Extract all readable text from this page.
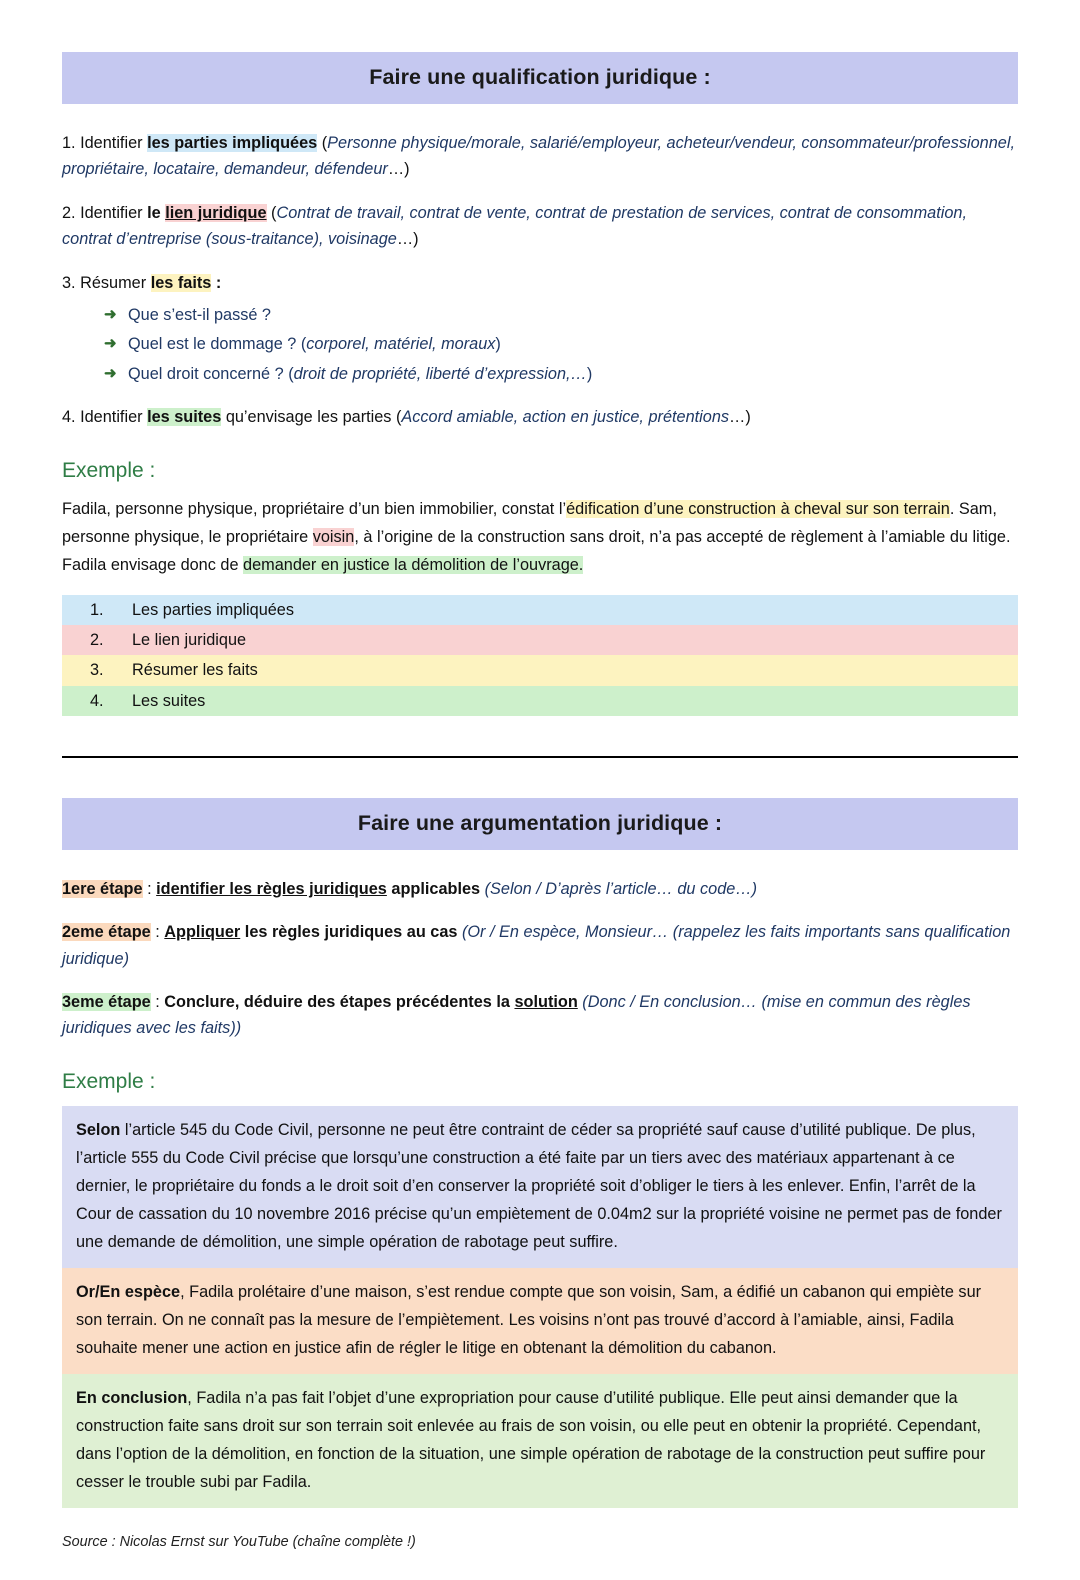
Faire une qualification juridique :

1. Identifier les parties impliquées (Personne physique/morale, salarié/employeur, acheteur/vendeur, consommateur/professionnel, propriétaire, locataire, demandeur, défendeur…)

2. Identifier le lien juridique (Contrat de travail, contrat de vente, contrat de prestation de services, contrat de consommation, contrat d’entreprise (sous-traitance), voisinage…)

3. Résumer les faits :

➜ Que s’est-il passé ?
➜ Quel est le dommage ? (corporel, matériel, moraux)
➜ Quel droit concerné ? (droit de propriété, liberté d’expression,…)

4. Identifier les suites qu’envisage les parties (Accord amiable, action en justice, prétentions…)

Exemple :

Fadila, personne physique, propriétaire d’un bien immobilier, constat l’édification d’une construction à cheval sur son terrain. Sam, personne physique, le propriétaire voisin, à l’origine de la construction sans droit, n’a pas accepté de règlement à l’amiable du litige. Fadila envisage donc de demander en justice la démolition de l’ouvrage.

1. Les parties impliquées
2. Le lien juridique
3. Résumer les faits
4. Les suites
Faire une argumentation juridique :

1ere étape : identifier les règles juridiques applicables (Selon / D’après l’article… du code…)

2eme étape : Appliquer les règles juridiques au cas (Or / En espèce, Monsieur… (rappelez les faits importants sans qualification juridique)

3eme étape : Conclure, déduire des étapes précédentes la solution (Donc / En conclusion… (mise en commun des règles juridiques avec les faits))

Exemple :
Selon l’article 545 du Code Civil, personne ne peut être contraint de céder sa propriété sauf cause d’utilité publique. De plus, l’article 555 du Code Civil précise que lorsqu’une construction a été faite par un tiers avec des matériaux appartenant à ce dernier, le propriétaire du fonds a le droit soit d’en conserver la propriété soit d’obliger le tiers à les enlever. Enfin, l’arrêt de la Cour de cassation du 10 novembre 2016 précise qu’un empiètement de 0.04m2 sur la propriété voisine ne permet pas de fonder une demande de démolition, une simple opération de rabotage peut suffire.
Or/En espèce, Fadila prolétaire d’une maison, s’est rendue compte que son voisin, Sam, a édifié un cabanon qui empiète sur son terrain. On ne connaît pas la mesure de l’empiètement. Les voisins n’ont pas trouvé d’accord à l’amiable, ainsi, Fadila souhaite mener une action en justice afin de régler le litige en obtenant la démolition du cabanon.
En conclusion, Fadila n’a pas fait l’objet d’une expropriation pour cause d’utilité publique. Elle peut ainsi demander que la construction faite sans droit sur son terrain soit enlevée au frais de son voisin, ou elle peut en obtenir la propriété. Cependant, dans l’option de la démolition, en fonction de la situation, une simple opération de rabotage de la construction peut suffire pour cesser le trouble subi par Fadila.
Source : Nicolas Ernst sur YouTube (chaîne complète !)
